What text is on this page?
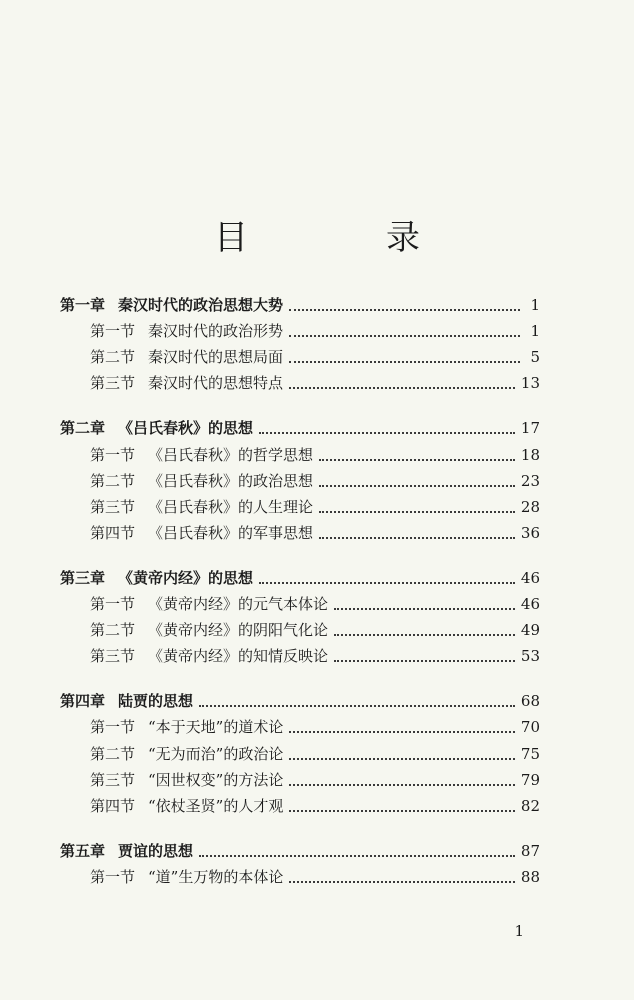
目　录
第一章 秦汉时代的政治思想大势	1
第一节 秦汉时代的政治形势	1
第二节 秦汉时代的思想局面	5
第三节 秦汉时代的思想特点	13
第二章 《吕氏春秋》的思想	17
第一节 《吕氏春秋》的哲学思想	18
第二节 《吕氏春秋》的政治思想	23
第三节 《吕氏春秋》的人生理论	28
第四节 《吕氏春秋》的军事思想	36
第三章 《黄帝内经》的思想	46
第一节 《黄帝内经》的元气本体论	46
第二节 《黄帝内经》的阴阳气化论	49
第三节 《黄帝内经》的知情反映论	53
第四章 陆贾的思想	68
第一节 “本于天地”的道术论	70
第二节 “无为而治”的政治论	75
第三节 “因世权变”的方法论	79
第四节 “依杖圣贤”的人才观	82
第五章 贾谊的思想	87
第一节 “道”生万物的本体论	88
1
